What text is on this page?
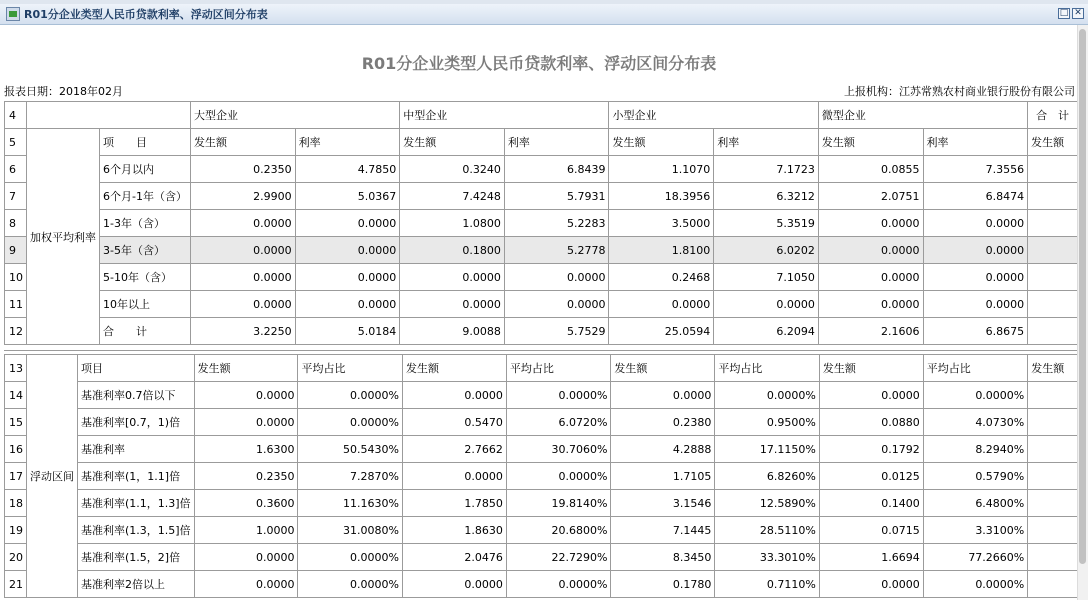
R01分企业类型人民币贷款利率、浮动区间分布表	□ ✕
R01分企业类型人民币贷款利率、浮动区间分布表
报表日期：2018年02月	上报机构：江苏常熟农村商业银行股份有限公司
4			大型企业		中型企业		小型企业		微型企业		合　计
5	加权平均利率	项　　目	发生额	利率	发生额	利率	发生额	利率	发生额	利率	发生额
6		6个月以内	0.2350	4.7850	0.3240	6.8439	1.1070	7.1723	0.0855	7.3556	
7		6个月-1年（含）	2.9900	5.0367	7.4248	5.7931	18.3956	6.3212	2.0751	6.8474	
8		1-3年（含）	0.0000	0.0000	1.0800	5.2283	3.5000	5.3519	0.0000	0.0000	
9		3-5年（含）	0.0000	0.0000	0.1800	5.2778	1.8100	6.0202	0.0000	0.0000	
10		5-10年（含）	0.0000	0.0000	0.0000	0.0000	0.2468	7.1050	0.0000	0.0000	
11		10年以上	0.0000	0.0000	0.0000	0.0000	0.0000	0.0000	0.0000	0.0000	
12		合　　计	3.2250	5.0184	9.0088	5.7529	25.0594	6.2094	2.1606	6.8675	
13	浮动区间	项目	发生额	平均占比	发生额	平均占比	发生额	平均占比	发生额	平均占比	发生额
14		基准利率0.7倍以下	0.0000	0.0000%	0.0000	0.0000%	0.0000	0.0000%	0.0000	0.0000%	
15		基准利率[0.7，1)倍	0.0000	0.0000%	0.5470	6.0720%	0.2380	0.9500%	0.0880	4.0730%	
16		基准利率	1.6300	50.5430%	2.7662	30.7060%	4.2888	17.1150%	0.1792	8.2940%	
17		基准利率(1，1.1]倍	0.2350	7.2870%	0.0000	0.0000%	1.7105	6.8260%	0.0125	0.5790%	
18		基准利率(1.1，1.3]倍	0.3600	11.1630%	1.7850	19.8140%	3.1546	12.5890%	0.1400	6.4800%	
19		基准利率(1.3，1.5]倍	1.0000	31.0080%	1.8630	20.6800%	7.1445	28.5110%	0.0715	3.3100%	
20		基准利率(1.5，2]倍	0.0000	0.0000%	2.0476	22.7290%	8.3450	33.3010%	1.6694	77.2660%	
21		基准利率2倍以上	0.0000	0.0000%	0.0000	0.0000%	0.1780	0.7110%	0.0000	0.0000%	
